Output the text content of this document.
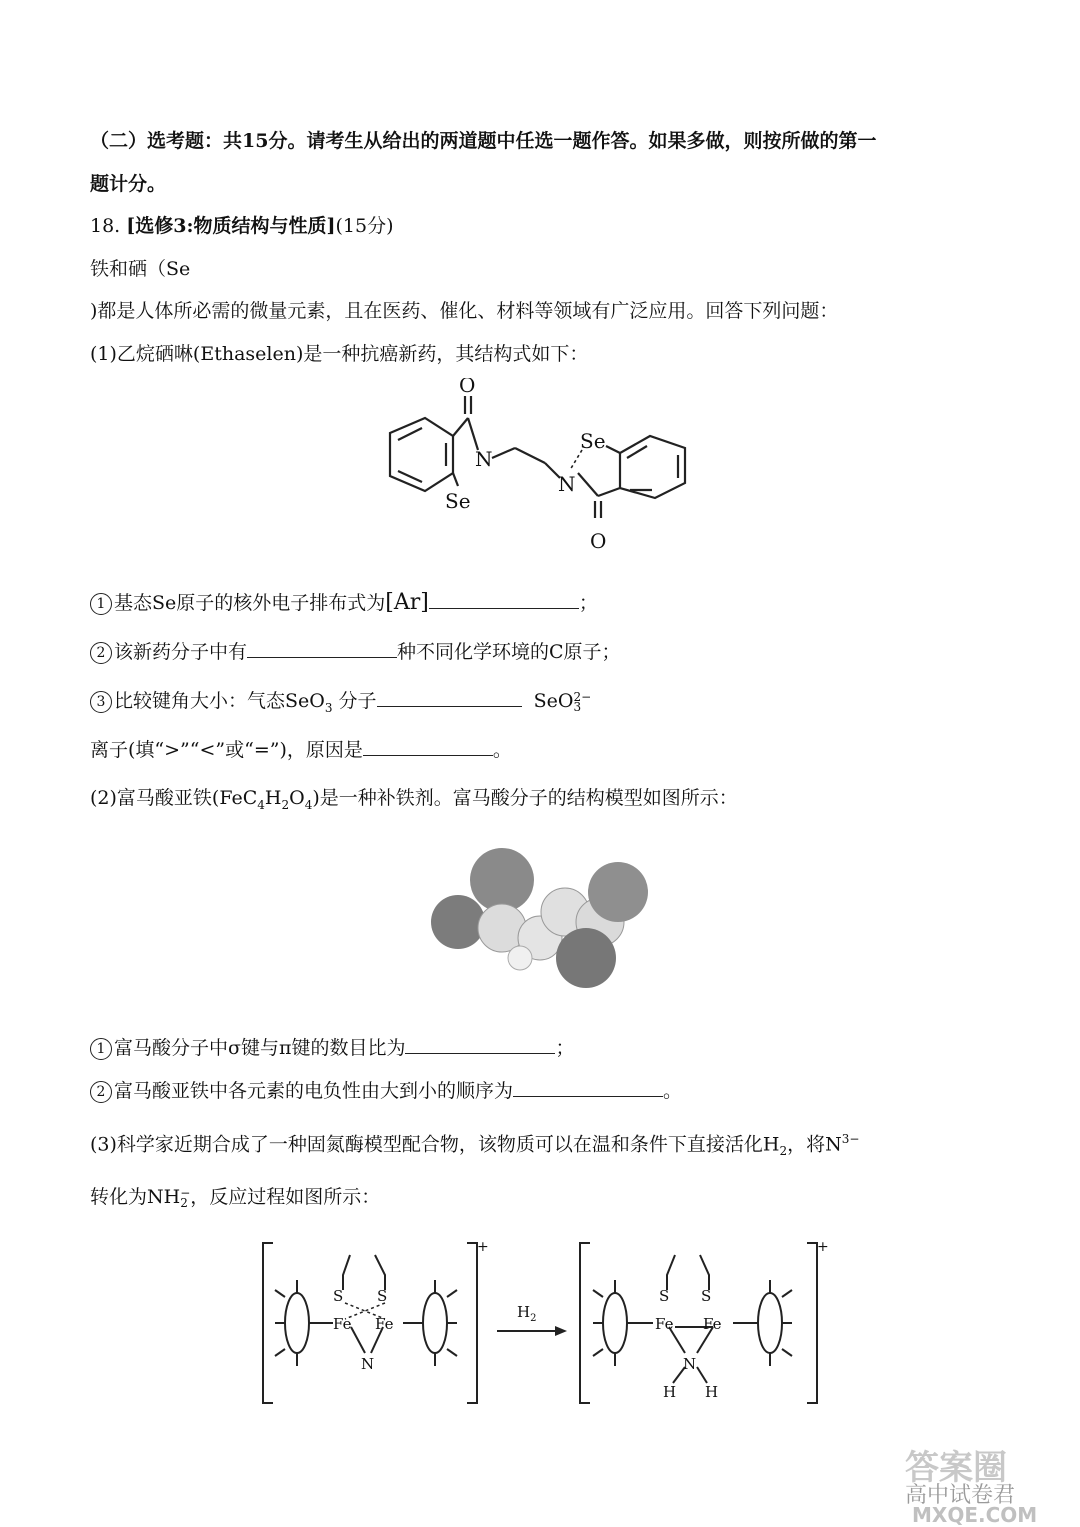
（二）选考题：共15分。请考生从给出的两道题中任选一题作答。如果多做，则按所做的第一
题计分。
18. [选修3:物质结构与性质](15分)
铁和硒（Se
)都是人体所必需的微量元素，且在医药、催化、材料等领域有广泛应用。回答下列问题：
(1)乙烷硒啉(Ethaselen)是一种抗癌新药，其结构式如下：
O
N
Se
Se
N
O
1 基态Se原子的核外电子排布式为[Ar]	；
2 该新药分子中有	种不同化学环境的C原子；
3 比较键角大小：气态SeO$_3$ 分子	SeO 2−
3
离子(填“>”“<”或“=”)，原因是	。
(2)富马酸亚铁$(FeC_4H_2O_4)$是一种补铁剂。富马酸分子的结构模型如图所示：
1 富马酸分子中σ键与π键的数目比为	；
2 富马酸亚铁中各元素的电负性由大到小的顺序为	。
(3)科学家近期合成了一种固氮酶模型配合物，该物质可以在温和条件下直接活化$H_2$，将$N^{3-}$
转化为NH −
2 ，反应过程如图所示：
S S
Fe Fe
N
+
$H_2$
S S
Fe Fe
N
H H
+
答案圈
高中试卷君
MXQE.COM
